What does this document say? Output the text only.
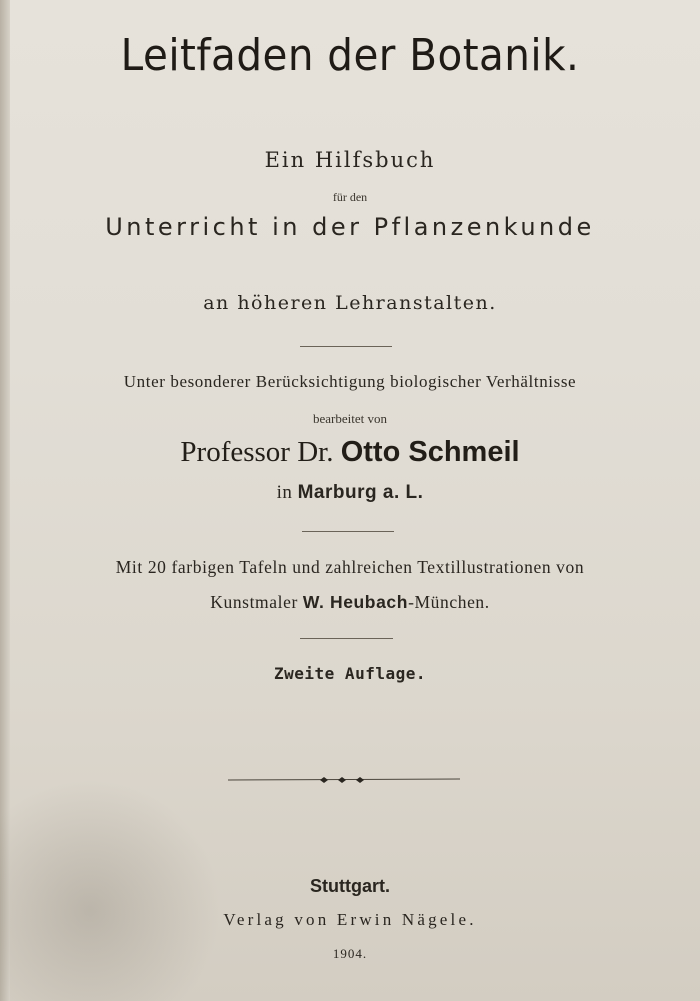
Leitfaden der Botanik.
Ein Hilfsbuch
für den
Unterricht in der Pflanzenkunde
an höheren Lehranstalten.
Unter besonderer Berücksichtigung biologischer Verhältnisse
bearbeitet von
Professor Dr. Otto Schmeil
in Marburg a. L.
Mit 20 farbigen Tafeln und zahlreichen Textillustrationen von
Kunstmaler W. Heubach-München.
Zweite Auflage.
Stuttgart.
Verlag von Erwin Nägele.
1904.
